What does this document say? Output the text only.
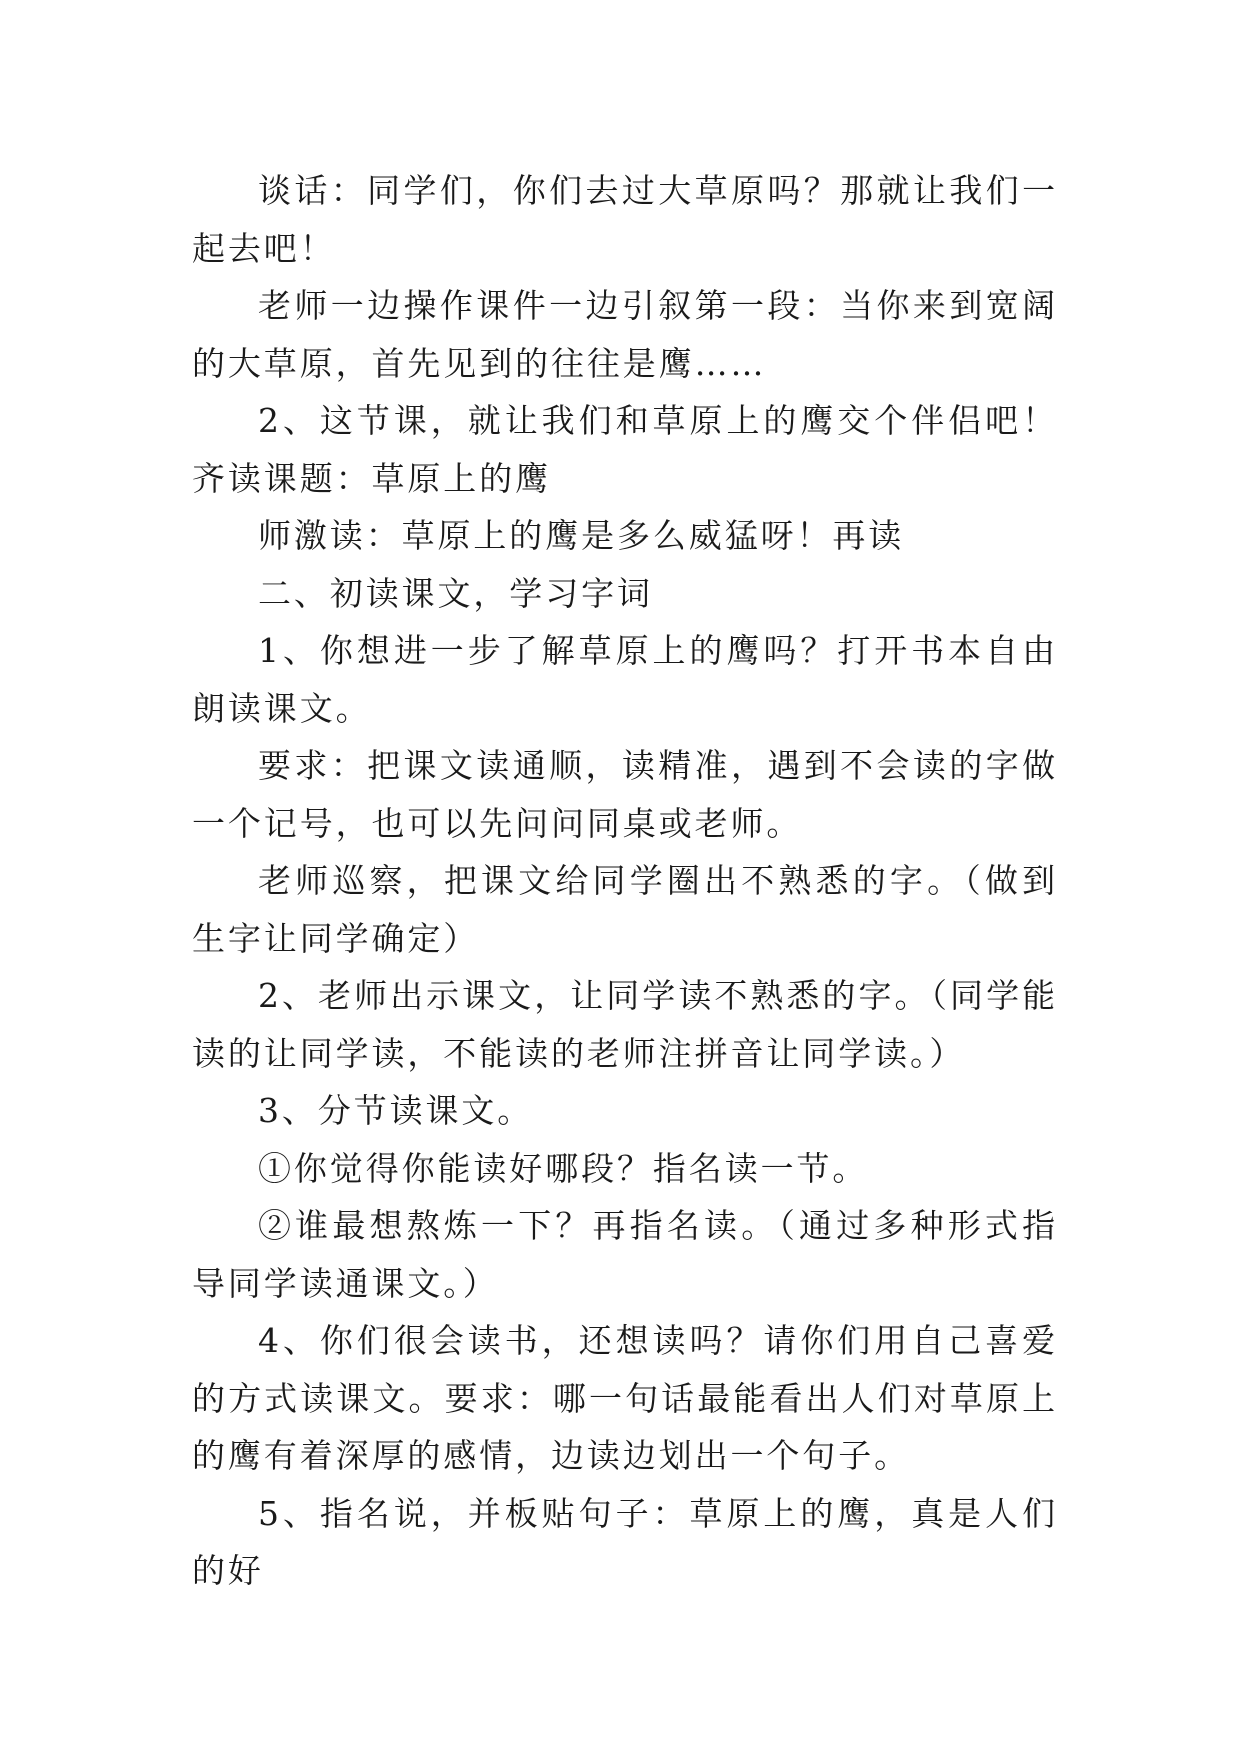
谈话：同学们，你们去过大草原吗？那就让我们一起去吧！

老师一边操作课件一边引叙第一段：当你来到宽阔的大草原，首先见到的往往是鹰……

2、这节课，就让我们和草原上的鹰交个伴侣吧！齐读课题：草原上的鹰

师激读：草原上的鹰是多么威猛呀！再读

二、初读课文，学习字词

1、你想进一步了解草原上的鹰吗？打开书本自由朗读课文。

要求：把课文读通顺，读精准，遇到不会读的字做一个记号，也可以先问问同桌或老师。

老师巡察，把课文给同学圈出不熟悉的字。（做到生字让同学确定）

2、老师出示课文，让同学读不熟悉的字。（同学能读的让同学读，不能读的老师注拼音让同学读。）

3、分节读课文。

①你觉得你能读好哪段？指名读一节。

②谁最想熬炼一下？再指名读。（通过多种形式指导同学读通课文。）

4、你们很会读书，还想读吗？请你们用自己喜爱的方式读课文。要求：哪一句话最能看出人们对草原上的鹰有着深厚的感情，边读边划出一个句子。

5、指名说，并板贴句子：草原上的鹰，真是人们的好
